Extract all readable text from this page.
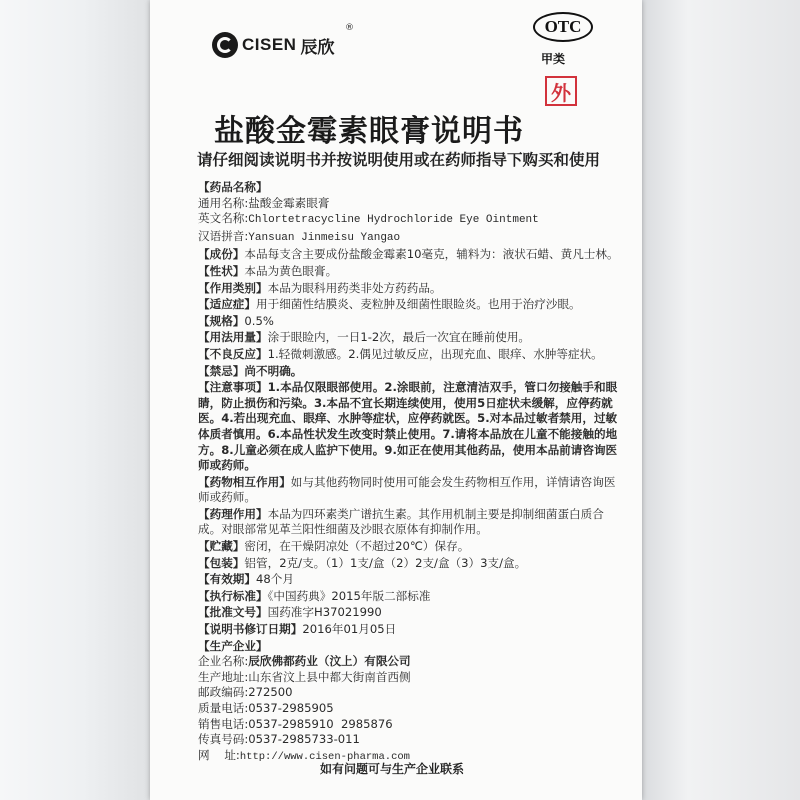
CISEN 辰欣
®	OTC
甲类
外
盐酸金霉素眼膏说明书
请仔细阅读说明书并按说明使用或在药师指导下购买和使用
【 药品名称 】
通用名称:盐酸金霉素眼膏
英文名称:Chlortetracycline Hydrochloride Eye Ointment
汉语拼音:Yansuan Jinmeisu Yangao
【 成份 】 本品每支含主要成份盐酸金霉素10毫克，辅料为：液状石蜡、黄凡士林。
【 性状 】 本品为黄色眼膏。
【 作用类别 】 本品为眼科用药类非处方药药品。
【 适应症 】 用于细菌性结膜炎、麦粒肿及细菌性眼睑炎。也用于治疗沙眼。
【 规格 】 0.5%
【 用法用量 】 涂于眼睑内，一日1-2次，最后一次宜在睡前使用。
【 不良反应 】 1.轻微刺激感。2.偶见过敏反应，出现充血、眼痒、水肿等症状。
【 禁忌 】 尚不明确。
【 注意事项 】 1.本品仅限眼部使用。2.涂眼前，注意清洁双手，管口勿接触手和眼睛，防止损伤和污染。3.本品不宜长期连续使用，使用5日症状未缓解，应停药就医。4.若出现充血、眼痒、水肿等症状，应停药就医。5.对本品过敏者禁用，过敏体质者慎用。6.本品性状发生改变时禁止使用。7.请将本品放在儿童不能接触的地方。8.儿童必须在成人监护下使用。9.如正在使用其他药品，使用本品前请咨询医师或药师。
【 药物相互作用 】 如与其他药物同时使用可能会发生药物相互作用，详情请咨询医师或药师。
【 药理作用 】 本品为四环素类广谱抗生素。其作用机制主要是抑制细菌蛋白质合成。对眼部常见革兰阳性细菌及沙眼衣原体有抑制作用。
【 贮藏 】 密闭，在干燥阴凉处（不超过20℃）保存。
【 包装 】 铝管，2克/支。（1）1支/盒（2）2支/盒（3）3支/盒。
【 有效期 】 48个月
【 执行标准 】 《中国药典》2015年版二部标准
【 批准文号 】 国药准字H37021990
【 说明书修订日期 】 2016年01月05日
【 生产企业 】
企业名称:辰欣佛都药业（汶上）有限公司
生产地址:山东省汶上县中都大街南首西侧
邮政编码:272500
质量电话:0537-2985905
销售电话:0537-2985910  2985876
传真号码:0537-2985733-011
网    址:http://www.cisen-pharma.com
如有问题可与生产企业联系
